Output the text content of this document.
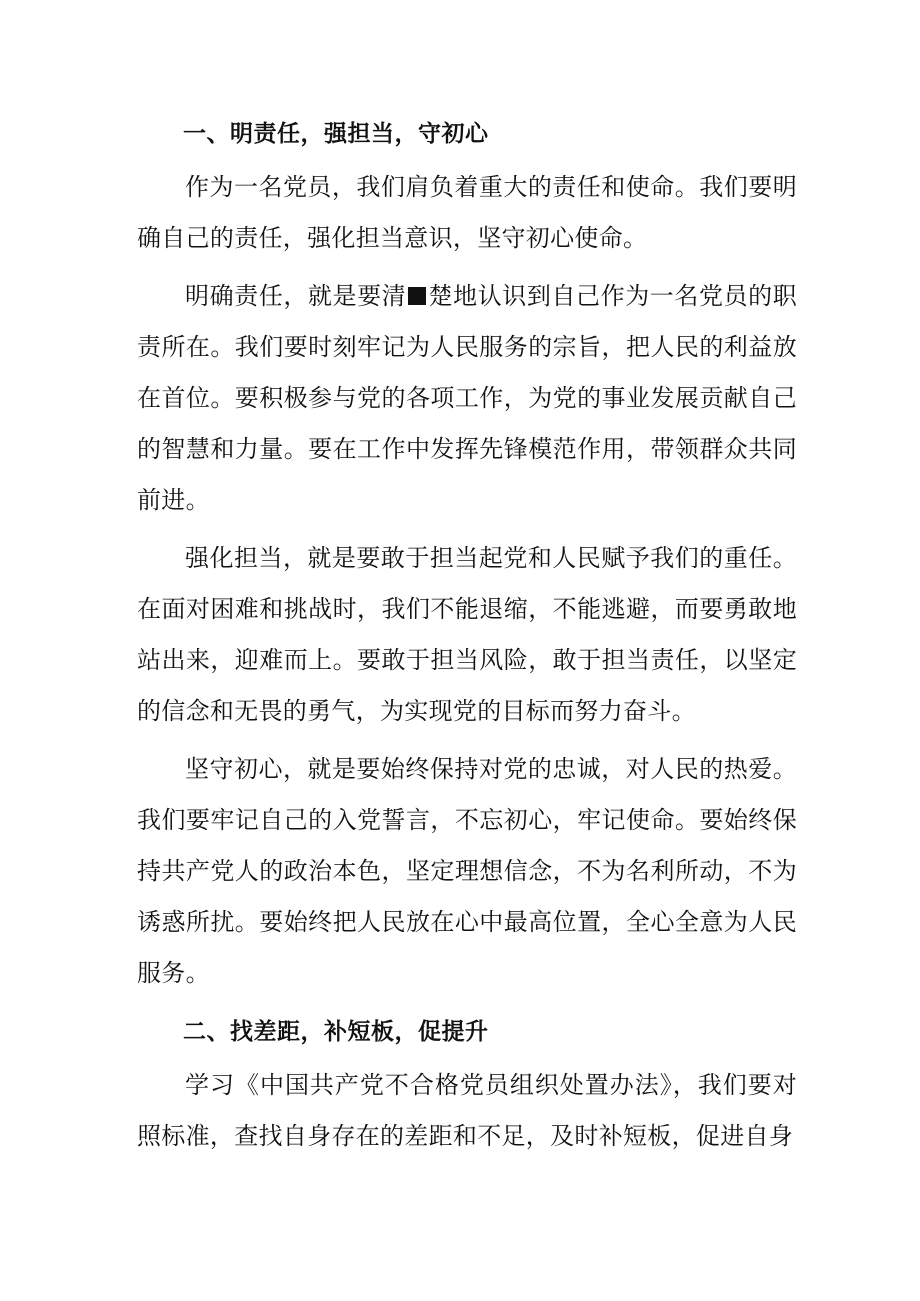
一、明责任，强担当，守初心

作为一名党员，我们肩负着重大的责任和使命。我们要明确自己的责任，强化担当意识，坚守初心使命。

明确责任，就是要清 楚地认识到自己作为一名党员的职责所在。我们要时刻牢记为人民服务的宗旨，把人民的利益放在首位。要积极参与党的各项工作，为党的事业发展贡献自己的智慧和力量。要在工作中发挥先锋模范作用，带领群众共同前进。

强化担当，就是要敢于担当起党和人民赋予我们的重任。在面对困难和挑战时，我们不能退缩，不能逃避，而要勇敢地站出来，迎难而上。要敢于担当风险，敢于担当责任，以坚定的信念和无畏的勇气，为实现党的目标而努力奋斗。

坚守初心，就是要始终保持对党的忠诚，对人民的热爱。我们要牢记自己的入党誓言，不忘初心，牢记使命。要始终保持共产党人的政治本色，坚定理想信念，不为名利所动，不为诱惑所扰。要始终把人民放在心中最高位置，全心全意为人民服务。

二、找差距，补短板，促提升

学习《中国共产党不合格党员组织处置办法》，我们要对照标准，查找自身存在的差距和不足，及时补短板，促进自身
